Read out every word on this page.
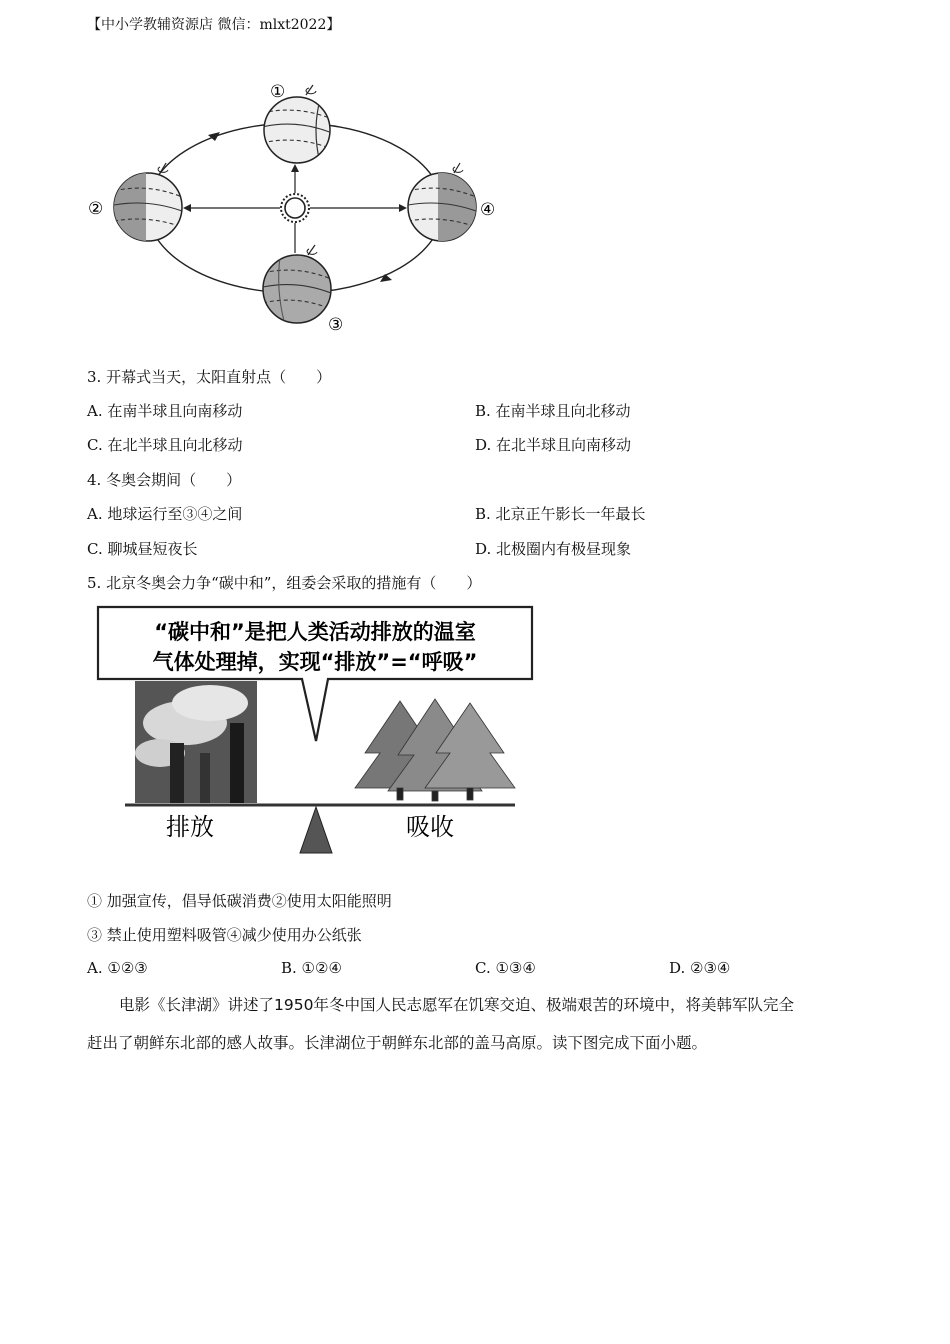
【中小学教辅资源店 微信：mlxt2022】
①
②
③
④
3. 开幕式当天，太阳直射点（　　）
A. 在南半球且向南移动	B. 在南半球且向北移动
C. 在北半球且向北移动	D. 在北半球且向南移动
4. 冬奥会期间（　　）
A. 地球运行至③④之间	B. 北京正午影长一年最长
C. 聊城昼短夜长	D. 北极圈内有极昼现象
5. 北京冬奥会力争“碳中和”，组委会采取的措施有（　　）
“碳中和”是把人类活动排放的温室
气体处理掉，实现“排放”=“呼吸”
排放	吸收
① 加强宣传，倡导低碳消费②使用太阳能照明
③ 禁止使用塑料吸管④减少使用办公纸张
A. ①②③	B. ①②④	C. ①③④	D. ②③④
电影《长津湖》讲述了1950年冬中国人民志愿军在饥寒交迫、极端艰苦的环境中，将美韩军队完全
赶出了朝鲜东北部的感人故事。长津湖位于朝鲜东北部的盖马高原。读下图完成下面小题。
